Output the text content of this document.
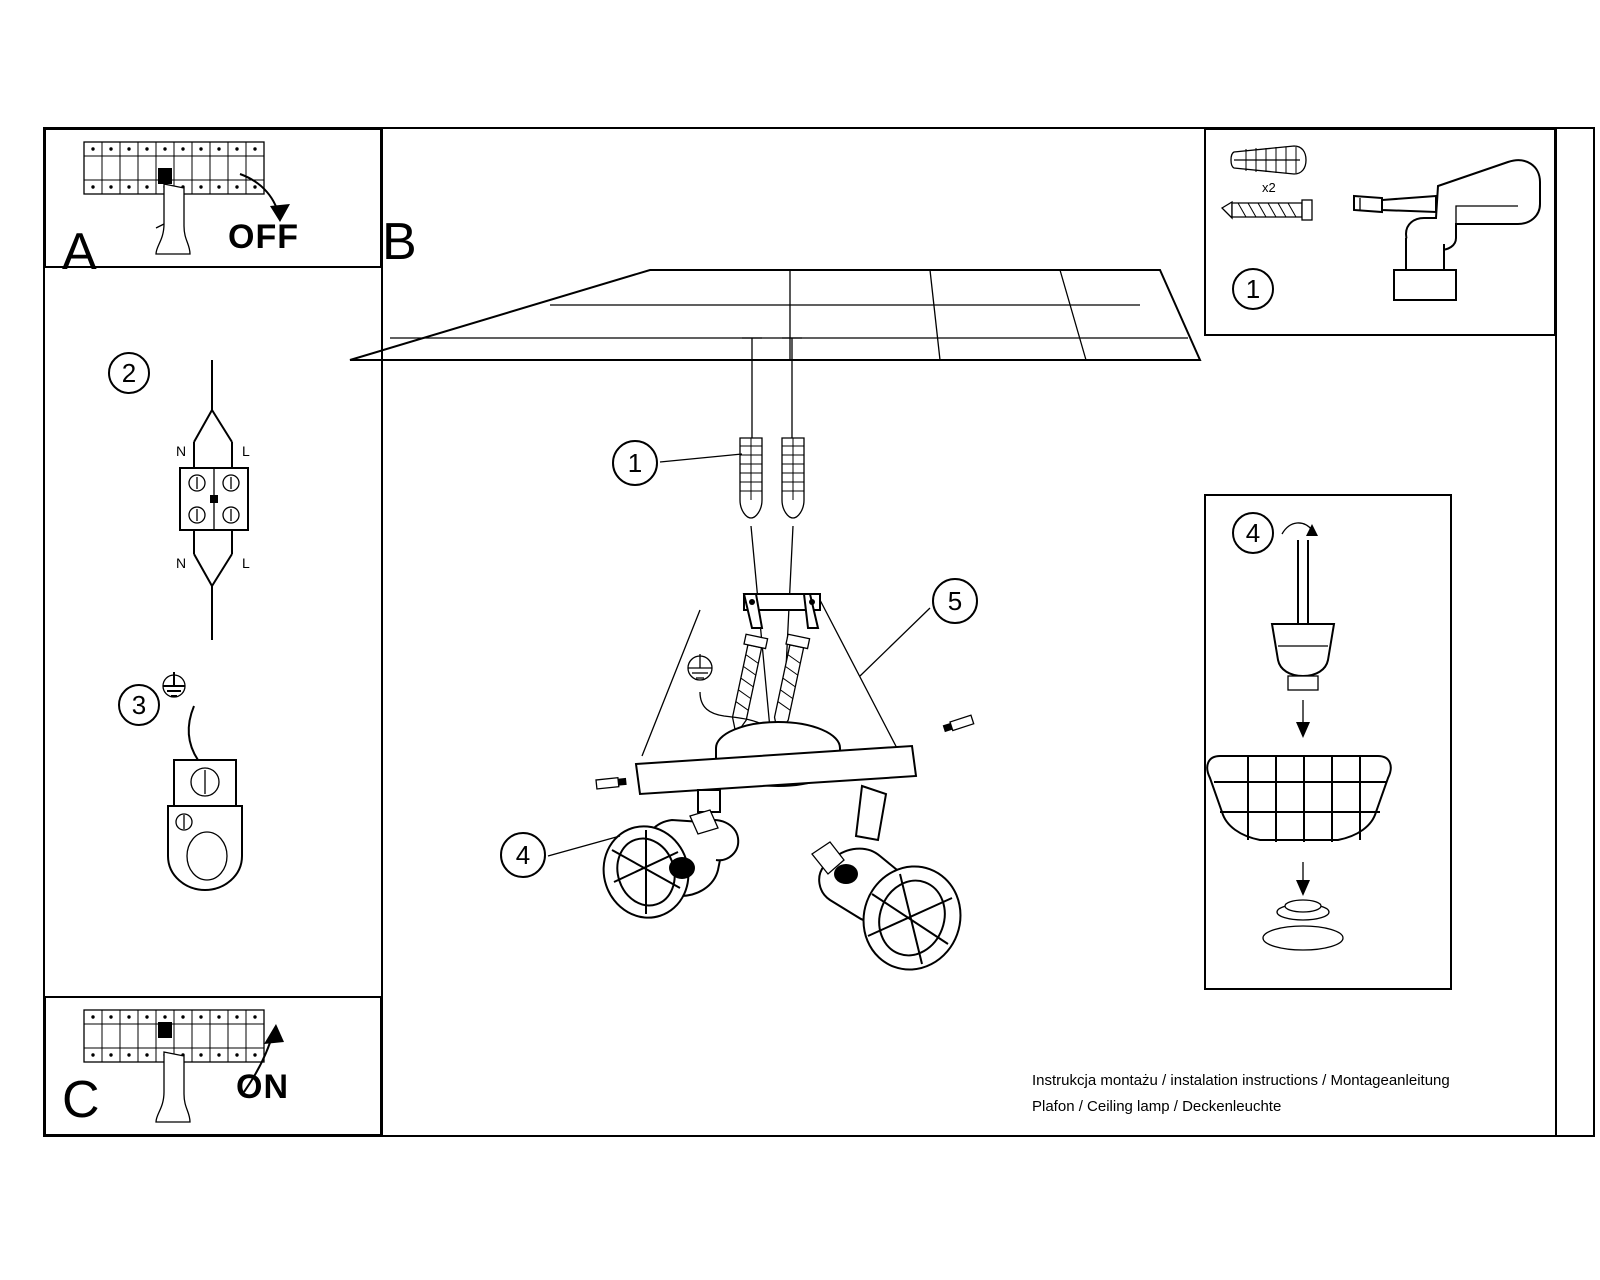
A	OFF B
2
N	L
N	L
3
C	ON
x2
1
4
1
5
4
Instrukcja montażu / instalation instructions / Montageanleitung
Plafon / Ceiling lamp / Deckenleuchte
